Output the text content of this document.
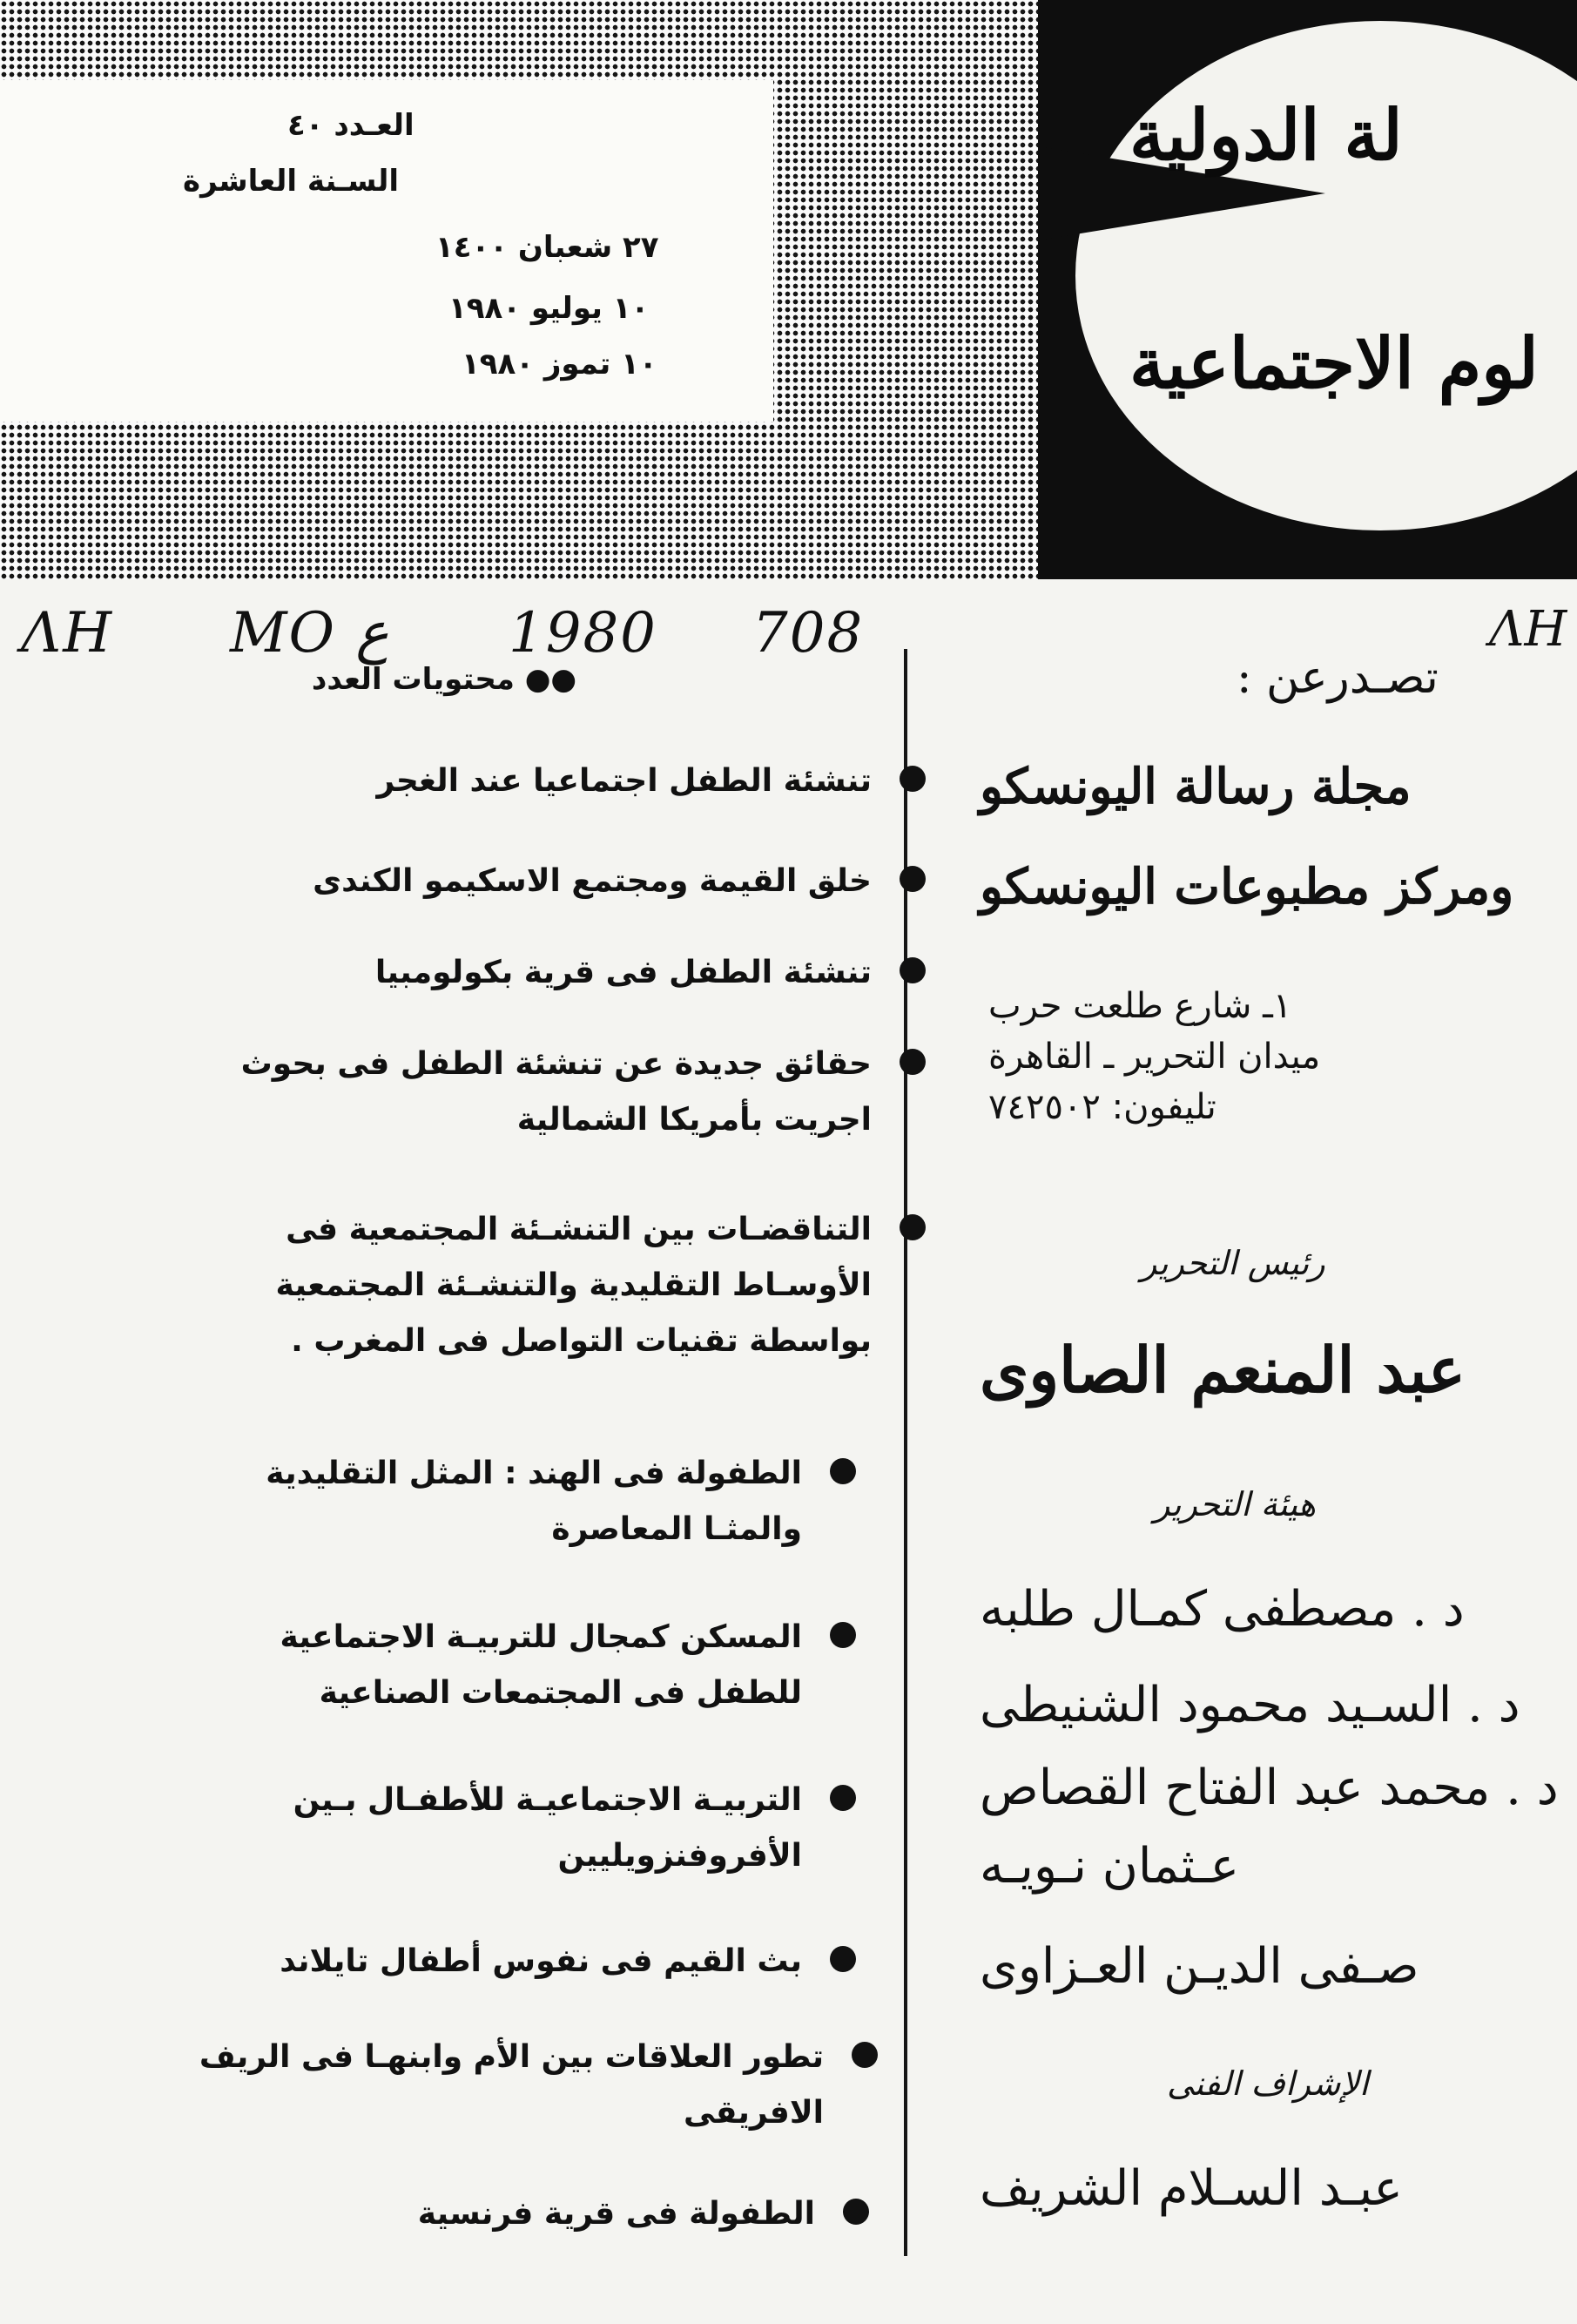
العـدد ٤٠
السـنة العاشرة
٢٧ شعبان ١٤٠٠
١٠ يوليو ١٩٨٠
١٠ تموز ١٩٨٠
لة الدولية
لوم الاجتماعية
ΛΗ MO ع 1980 708	ΛΗ
●● محتويات العدد

تنشئة الطفل اجتماعيا عند الغجر

خلق القيمة ومجتمع الاسكيمو الكندى

تنشئة الطفل فى قرية بكولومبيا

حقائق جديدة عن تنشئة الطفل فى بحوث اجريت بأمريكا الشمالية

التناقضـات بين التنشـئة المجتمعية فى الأوسـاط التقليدية والتنشـئة المجتمعية بواسطة تقنيات التواصل فى المغرب .

الطفولة فى الهند : المثل التقليدية والمثـا المعاصرة

المسكن كمجال للتربيـة الاجتماعية للطفل فى المجتمعات الصناعية

التربيـة الاجتماعيـة للأطفـال بـين الأفروفنزويليين

بث القيم فى نفوس أطفال تايلاند

تطور العلاقات بين الأم وابنهـا فى الريف الافريقى

الطفولة فى قرية فرنسية

تصـدرعن :
مجلة رسالة اليونسكو
ومركز مطبوعات اليونسكو
١ـ شارع طلعت حرب
ميدان التحرير ـ القاهرة
تليفون: ٧٤٢٥٠٢
رئيس التحرير
عبد المنعم الصاوى
هيئة التحرير
د . مصطفى كمـال طلبه
د . السـيد محمود الشنيطى
د . محمد عبد الفتاح القصاص
عـثمان نـويـه
صـفى الديـن العـزاوى
الإشراف الفنى
عبـد السـلام الشريف
